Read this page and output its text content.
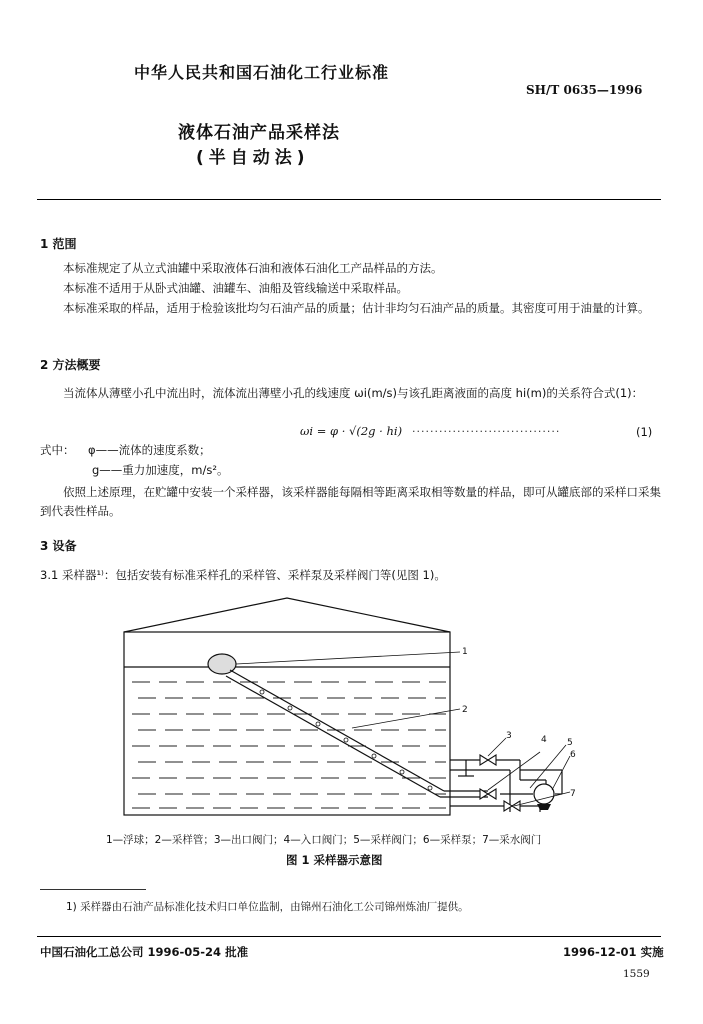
中华人民共和国石油化工行业标准
SH/T 0635—1996
液体石油产品采样法
(半自动法)
1 范围
本标准规定了从立式油罐中采取液体石油和液体石油化工产品样品的方法。
本标准不适用于从卧式油罐、油罐车、油船及管线输送中采取样品。
本标准采取的样品，适用于检验该批均匀石油产品的质量；估计非均匀石油产品的质量。其密度可用于油量的计算。
2 方法概要
当流体从薄壁小孔中流出时，流体流出薄壁小孔的线速度 ωi(m/s)与该孔距离液面的高度 hi(m)的关系符合式(1)：
ωi = φ · √(2g · hi) ·································	(1)
式中： φ——流体的速度系数；
g——重力加速度，m/s²。
依照上述原理，在贮罐中安装一个采样器，该采样器能每隔相等距离采取相等数量的样品，即可从罐底部的采样口采集到代表性样品。
3 设备
3.1 采样器¹⁾：包括安装有标准采样孔的采样管、采样泵及采样阀门等(见图 1)。
1
2
3	4 5
6
7
1—浮球；2—采样管；3—出口阀门；4—入口阀门；5—采样阀门；6—采样泵；7—采水阀门
图 1 采样器示意图
1) 采样器由石油产品标准化技术归口单位监制，由锦州石油化工公司锦州炼油厂提供。
中国石油化工总公司 1996-05-24 批准	1996-12-01 实施
1559
